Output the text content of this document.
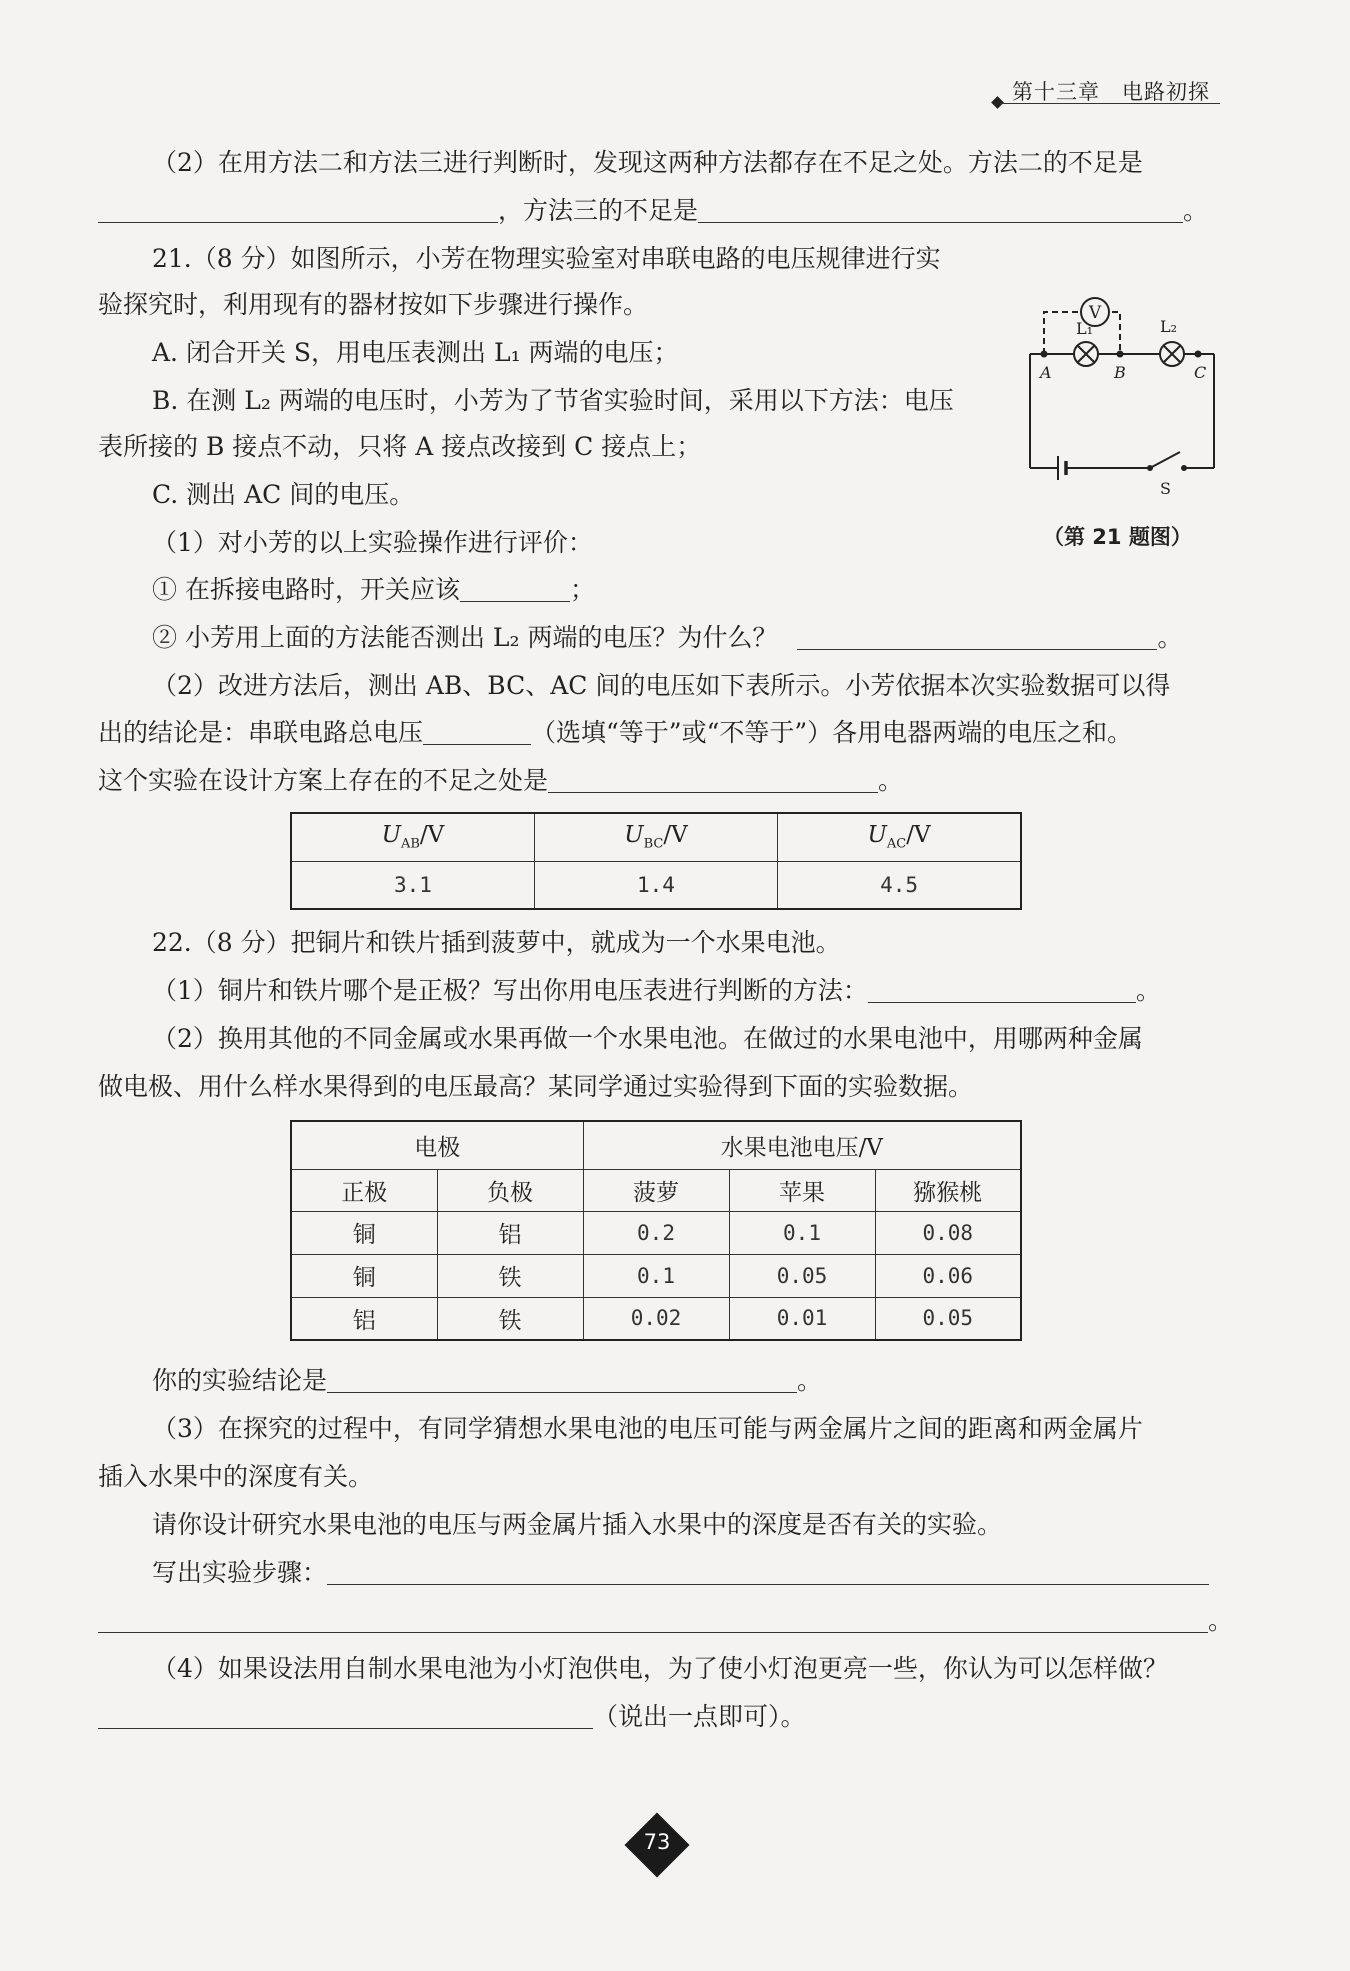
第十三章　电路初探
（2）在用方法二和方法三进行判断时，发现这两种方法都存在不足之处。方法二的不足是
，方法三的不足是	。
21.（8 分）如图所示，小芳在物理实验室对串联电路的电压规律进行实
验探究时，利用现有的器材按如下步骤进行操作。
A. 闭合开关 S，用电压表测出 L₁ 两端的电压；
B. 在测 L₂ 两端的电压时，小芳为了节省实验时间，采用以下方法：电压
表所接的 B 接点不动，只将 A 接点改接到 C 接点上；
C. 测出 AC 间的电压。
（1）对小芳的以上实验操作进行评价：
① 在拆接电路时，开关应该	；
② 小芳用上面的方法能否测出 L₂ 两端的电压？为什么？	。
（2）改进方法后，测出 AB、BC、AC 间的电压如下表所示。小芳依据本次实验数据可以得
出的结论是：串联电路总电压	（选填“等于”或“不等于”）各用电器两端的电压之和。
这个实验在设计方案上存在的不足之处是	。
V
L₁	L₂
A	B	C
S
（第 21 题图）
$U_{AB}/V$	$U_{BC}/V$	$U_{AC}/V$
3.1	1.4	4.5
22.（8 分）把铜片和铁片插到菠萝中，就成为一个水果电池。
（1）铜片和铁片哪个是正极？写出你用电压表进行判断的方法：	。
（2）换用其他的不同金属或水果再做一个水果电池。在做过的水果电池中，用哪两种金属
做电极、用什么样水果得到的电压最高？某同学通过实验得到下面的实验数据。
电极		水果电池电压/V		
正极	负极	菠萝	苹果	猕猴桃
铜	铝	0.2	0.1	0.08
铜	铁	0.1	0.05	0.06
铝	铁	0.02	0.01	0.05
你的实验结论是	。
（3）在探究的过程中，有同学猜想水果电池的电压可能与两金属片之间的距离和两金属片
插入水果中的深度有关。
请你设计研究水果电池的电压与两金属片插入水果中的深度是否有关的实验。
写出实验步骤：
。
（4）如果设法用自制水果电池为小灯泡供电，为了使小灯泡更亮一些，你认为可以怎样做？
（说出一点即可）。
73
